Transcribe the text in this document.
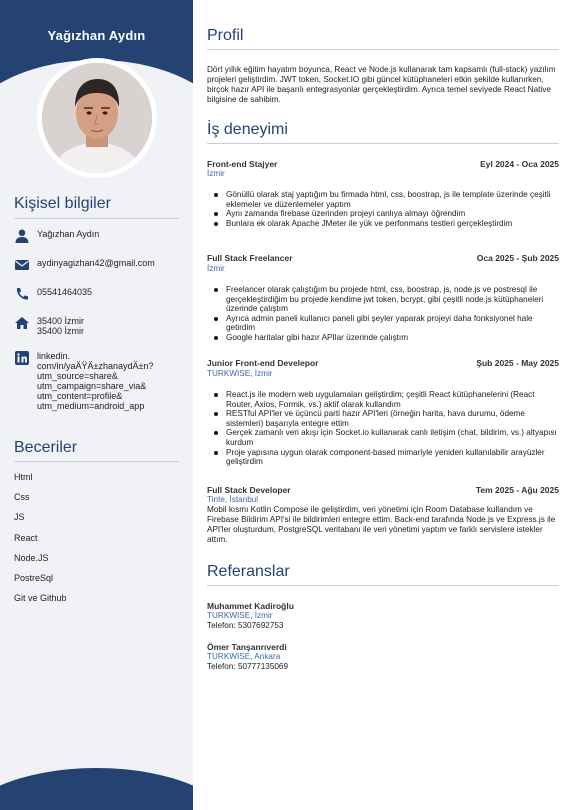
Yağızhan Aydın
Kişisel bilgiler
Yağızhan Aydın
aydinyagizhan42@gmail.com
05541464035
35400 İzmir
35400 İzmir
linkedin.
com/in/yaÄŸÄ±zhanaydÄ±n?
utm_source=share&
utm_campaign=share_via&
utm_content=profile&
utm_medium=android_app
Beceriler
Html
Css
JS
React
Node.JS
PostreSql
Git ve Github
Profil
Dört yıllık eğitim hayatım boyunca, React ve Node.js kullanarak tam kapsamlı (full-stack) yazılım projeleri geliştirdim. JWT token, Socket.IO gibi güncel kütüphaneleri etkin şekilde kullanırken, birçok hazır API ile başarılı entegrasyonlar gerçekleştirdim. Ayrıca temel seviyede React Native bilgisine de sahibim.
İş deneyimi
Front-end Stajyer	Eyl 2024 - Oca 2025
İzmir
Gönüllü olarak staj yaptığım bu firmada html, css, boostrap, js ile template üzerinde çeşitli eklemeler ve düzenlemeler yaptım
Aynı zamanda firebase üzerinden projeyi canlıya almayı öğrendim
Bunlara ek olarak Apache JMeter ile yük ve perfonmans testleri gerçekleştirdim
Full Stack Freelancer	Oca 2025 - Şub 2025
İzmir
Freelancer olarak çalıştığım bu projede html, css, boostrap, js, node.js ve postresql ile gerçekleştirdiğim bu projede kendime jwt token, bcrypt, gibi çeşitli node.js kütüphaneleri üzerinde çalıştım
Ayrıca admin paneli kullanıcı paneli gibi şeyler yaparak projeyi daha fonksiyonel hale getirdim
Google haritalar gibi hazır APIlar üzerinde çalıştım
Junior Front-end Develepor	Şub 2025 - May 2025
TURKWISE, İzmir
React.js ile modern web uygulamaları geliştirdim; çeşitli React kütüphanelerini (React Router, Axios, Formik, vs.) aktif olarak kullandım
RESTful API'ler ve üçüncü parti hazır API'leri (örneğin harita, hava durumu, ödeme sistemleri) başarıyla entegre ettim
Gerçek zamanlı veri akışı için Socket.io kullanarak canlı iletişim (chat, bildirim, vs.) altyapısı kurdum
Proje yapısına uygun olarak component-based mimariyle yeniden kullanılabilir arayüzler geliştirdim
Full Stack Developer	Tem 2025 - Ağu 2025
Tinte, İstanbul
Mobil kısmı Kotlin Compose ile geliştirdim, veri yönetimi için Room Database kullandım ve Firebase Bildirim API'si ile bildirimleri entegre ettim. Back-end tarafında Node.js ve Express.js ile API'ler oluşturdum, PostgreSQL veritabanı ile veri yönetimi yaptım ve farklı servislere istekler attım.
Referanslar
Muhammet Kadiroğlu
TURKWISE, İzmir
Telefon: 5307692753
Ömer Tanşanrıverdi
TURKWISE, Ankara
Telefon: 50777135069
